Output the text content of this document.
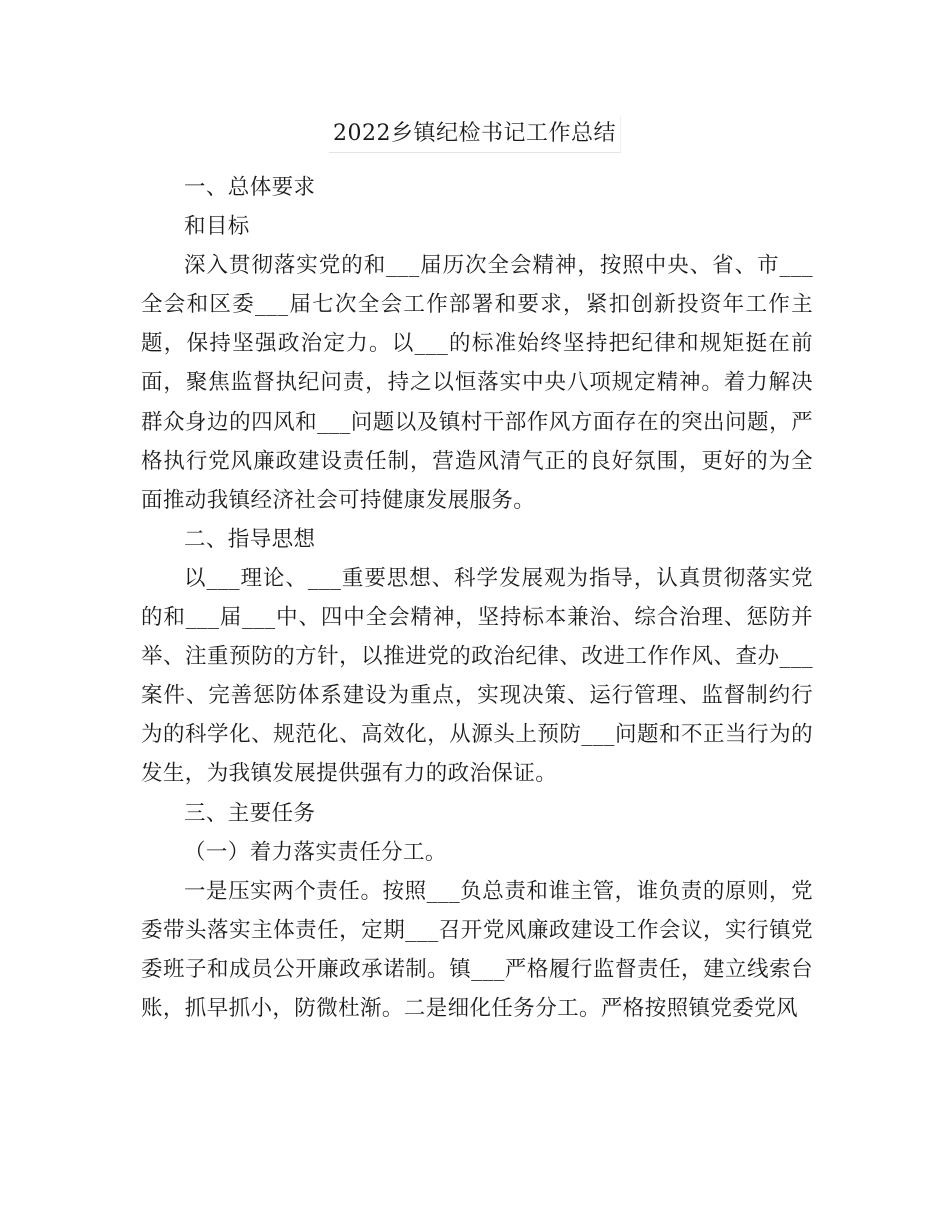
2022乡镇纪检书记工作总结

一、总体要求

和目标

深入贯彻落实党的和___届历次全会精神，按照中央、省、市___全会和区委___届七次全会工作部署和要求，紧扣创新投资年工作主题，保持坚强政治定力。以___的标准始终坚持把纪律和规矩挺在前面，聚焦监督执纪问责，持之以恒落实中央八项规定精神。着力解决群众身边的四风和___问题以及镇村干部作风方面存在的突出问题，严格执行党风廉政建设责任制，营造风清气正的良好氛围，更好的为全面推动我镇经济社会可持健康发展服务。

二、指导思想

以___理论、___重要思想、科学发展观为指导，认真贯彻落实党的和___届___中、四中全会精神，坚持标本兼治、综合治理、惩防并举、注重预防的方针，以推进党的政治纪律、改进工作作风、查办___案件、完善惩防体系建设为重点，实现决策、运行管理、监督制约行为的科学化、规范化、高效化，从源头上预防___问题和不正当行为的发生，为我镇发展提供强有力的政治保证。

三、主要任务

（一）着力落实责任分工。

一是压实两个责任。按照___负总责和谁主管，谁负责的原则，党委带头落实主体责任，定期___召开党风廉政建设工作会议，实行镇党委班子和成员公开廉政承诺制。镇___严格履行监督责任，建立线索台账，抓早抓小，防微杜渐。二是细化任务分工。严格按照镇党委党风
